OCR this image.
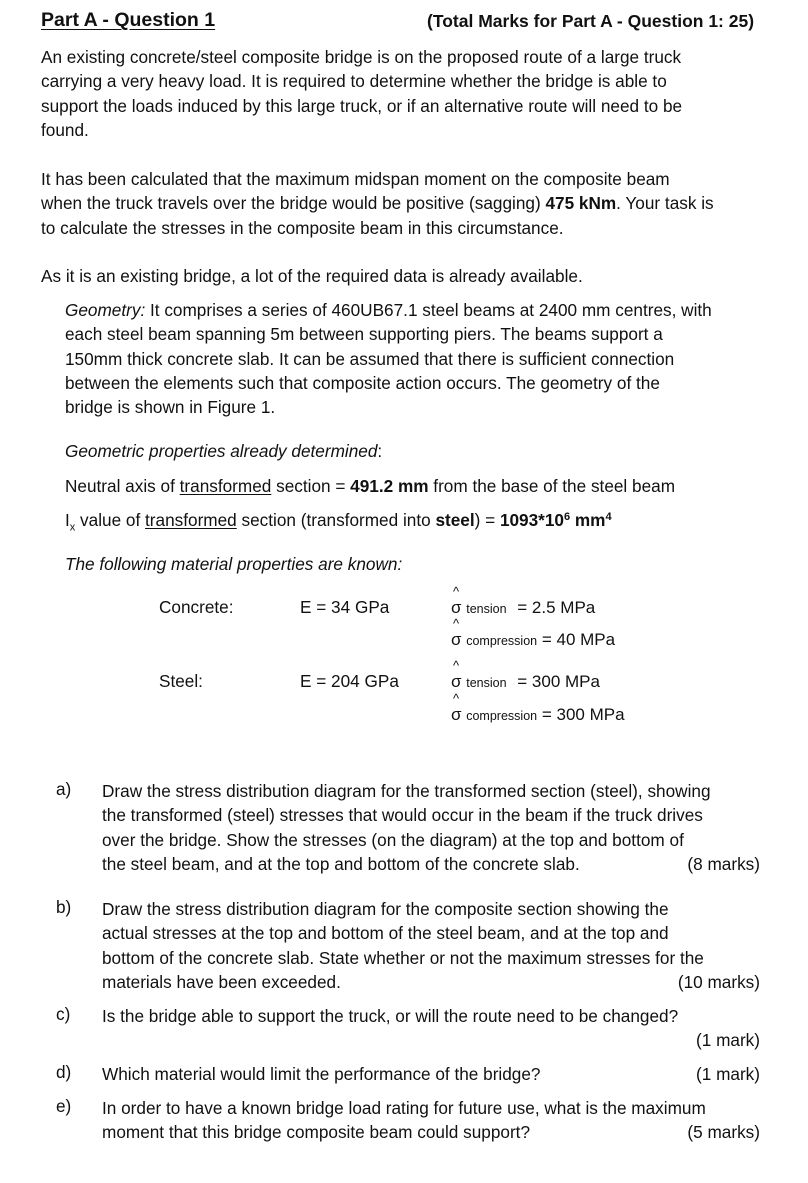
Part A - Question 1	(Total Marks for Part A - Question 1: 25)
An existing concrete/steel composite bridge is on the proposed route of a large truck
carrying a very heavy load. It is required to determine whether the bridge is able to
support the loads induced by this large truck, or if an alternative route will need to be
found.
It has been calculated that the maximum midspan moment on the composite beam
when the truck travels over the bridge would be positive (sagging) 475 kNm. Your task is
to calculate the stresses in the composite beam in this circumstance.
As it is an existing bridge, a lot of the required data is already available.
Geometry: It comprises a series of 460UB67.1 steel beams at 2400 mm centres, with
each steel beam spanning 5m between supporting piers. The beams support a
150mm thick concrete slab. It can be assumed that there is sufficient connection
between the elements such that composite action occurs. The geometry of the
bridge is shown in Figure 1.
Geometric properties already determined:
Neutral axis of transformed section = 491.2 mm from the base of the steel beam
$I_x$ value of transformed section (transformed into steel) = $1093*10^6$ $mm^4$
The following material properties are known:
Concrete:	E = 34 GPa
^
σ tension = 2.5 MPa
^
σ compression = 40 MPa
Steel:	E = 204 GPa
^
σ tension = 300 MPa
^
σ compression = 300 MPa
a) Draw the stress distribution diagram for the transformed section (steel), showing
the transformed (steel) stresses that would occur in the beam if the truck drives
over the bridge. Show the stresses (on the diagram) at the top and bottom of
the steel beam, and at the top and bottom of the concrete slab.	(8 marks)
b) Draw the stress distribution diagram for the composite section showing the
actual stresses at the top and bottom of the steel beam, and at the top and
bottom of the concrete slab. State whether or not the maximum stresses for the
materials have been exceeded.	(10 marks)
c) Is the bridge able to support the truck, or will the route need to be changed?
(1 mark)
d) Which material would limit the performance of the bridge?	(1 mark)
e) In order to have a known bridge load rating for future use, what is the maximum
moment that this bridge composite beam could support?	(5 marks)
